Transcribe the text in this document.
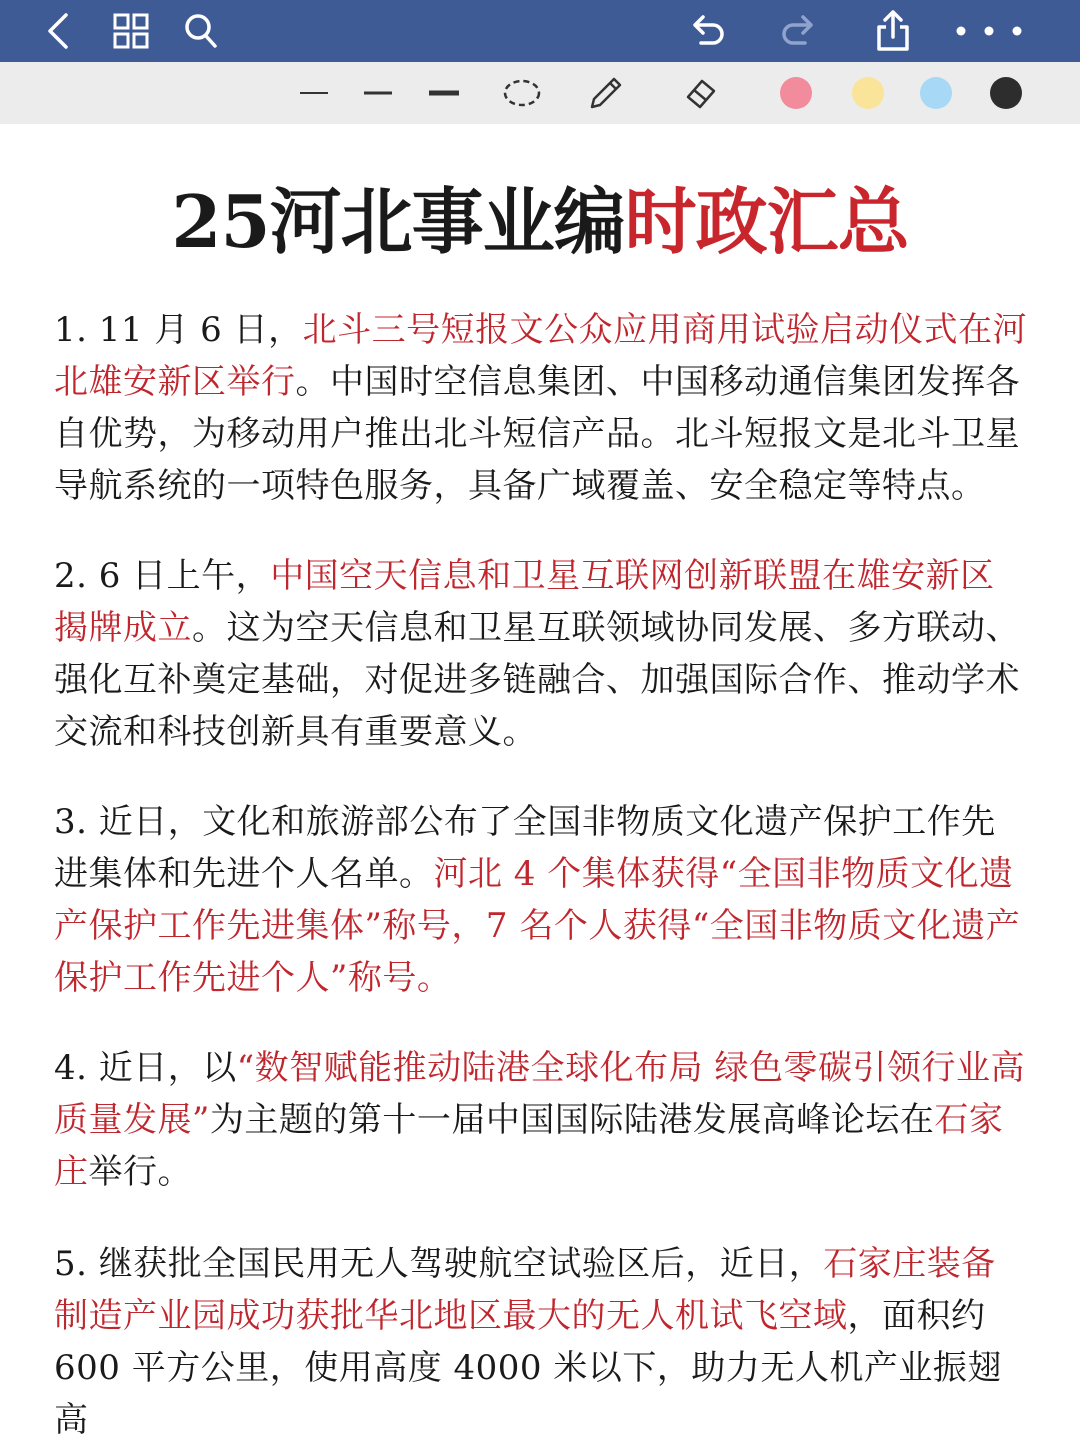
25河北事业编时政汇总
1. 11 月 6 日，北斗三号短报文公众应用商用试验启动仪式在河北雄安新区举行。中国时空信息集团、中国移动通信集团发挥各自优势，为移动用户推出北斗短信产品。北斗短报文是北斗卫星导航系统的一项特色服务，具备广域覆盖、安全稳定等特点。
2. 6 日上午，中国空天信息和卫星互联网创新联盟在雄安新区揭牌成立。这为空天信息和卫星互联领域协同发展、多方联动、强化互补奠定基础，对促进多链融合、加强国际合作、推动学术交流和科技创新具有重要意义。
3. 近日，文化和旅游部公布了全国非物质文化遗产保护工作先进集体和先进个人名单。河北 4 个集体获得“全国非物质文化遗产保护工作先进集体”称号，7 名个人获得“全国非物质文化遗产保护工作先进个人”称号。
4. 近日，以“数智赋能推动陆港全球化布局 绿色零碳引领行业高质量发展”为主题的第十一届中国国际陆港发展高峰论坛在石家庄举行。
5. 继获批全国民用无人驾驶航空试验区后，近日，石家庄装备制造产业园成功获批华北地区最大的无人机试飞空域，面积约 600 平方公里，使用高度 4000 米以下，助力无人机产业振翅高
